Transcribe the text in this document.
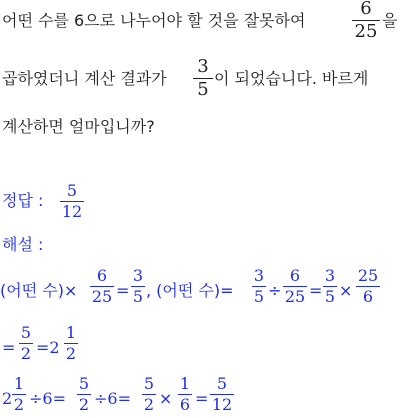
어떤 수를 6으로 나누어야 할 것을 잘못하여
6
25
을
곱하였더니 계산 결과가
3
5
이 되었습니다. 바르게
계산하면 얼마입니까?
정답 :
5
12
해설 :
(어떤 수)×
6
25 =
3
5 , (어떤 수)=
3
5 ÷
6
25 =
3
5 ×
25
6
=
5
2 =2
1
2
2
1
2 ÷6=
5
2 ÷6=
5
2 ×
1
6 =
5
12
